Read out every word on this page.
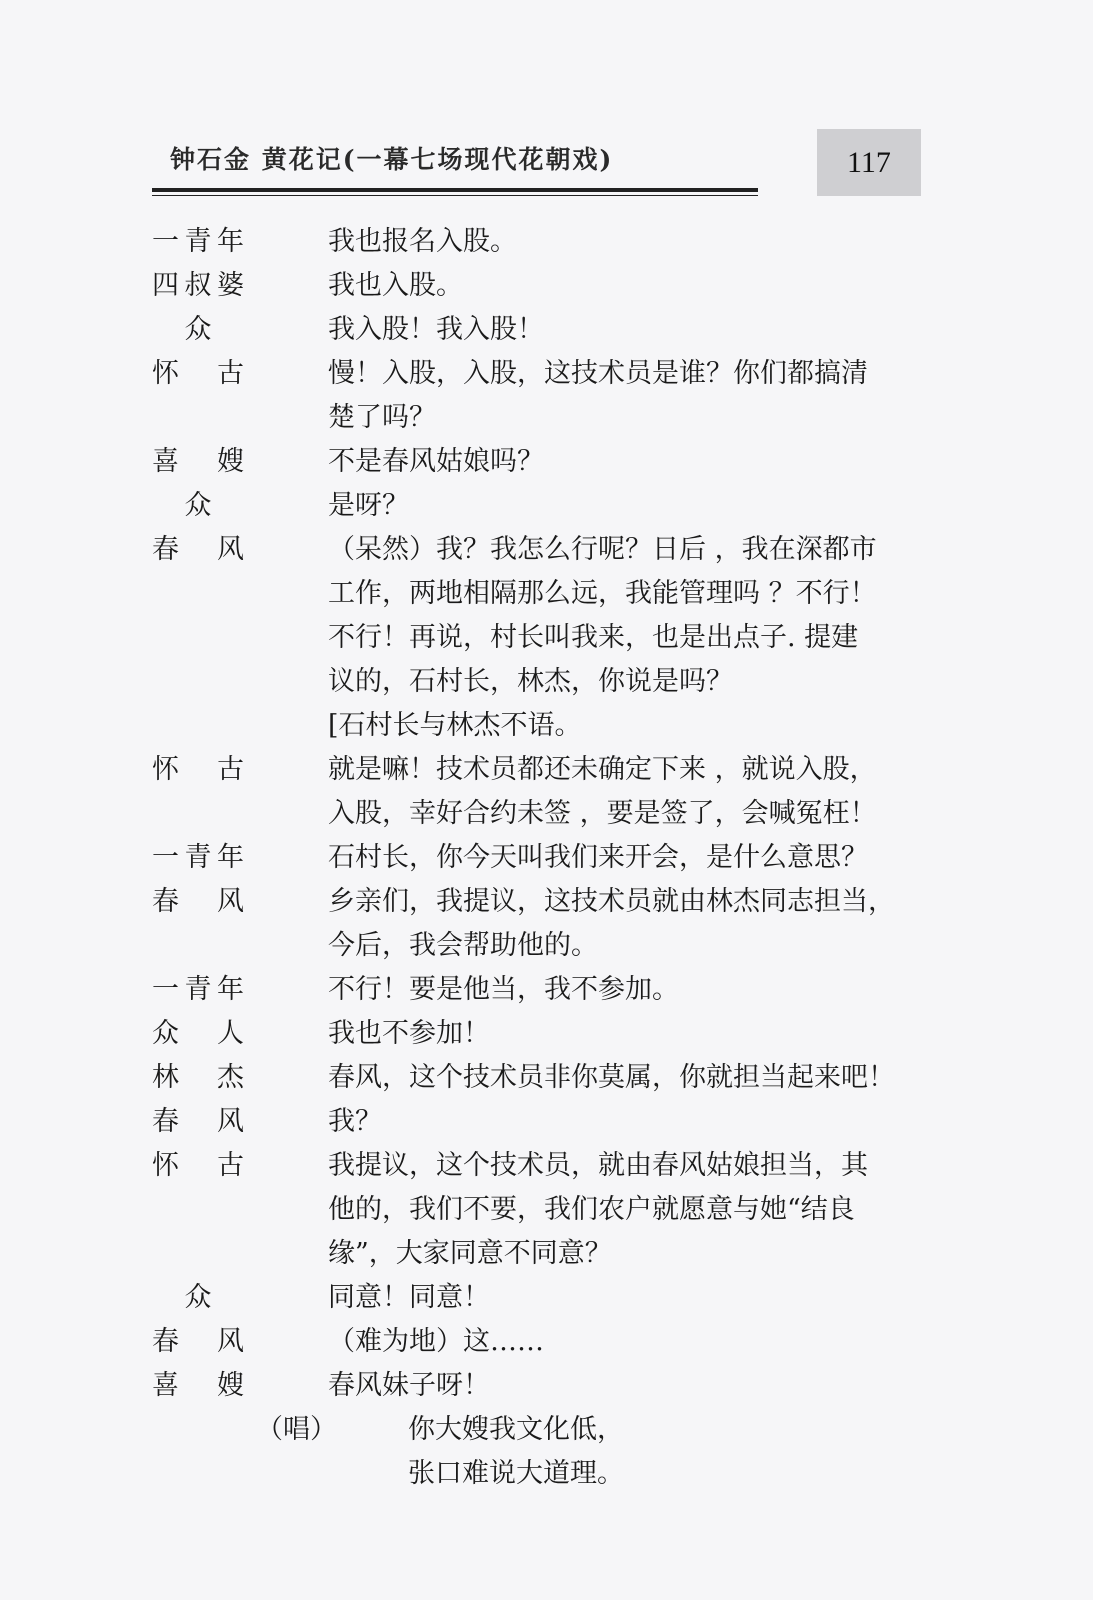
钟石金 黄花记(一幕七场现代花朝戏)	117
一青年	我也报名入股。
四叔婆	我也入股。
众	我入股！我入股！
怀古	慢！入股，入股，这技术员是谁？你们都搞清
楚了吗？
喜嫂	不是春风姑娘吗？
众	是呀？
春风	（呆然）我？我怎么行呢？日后 ，我在深都市
工作，两地相隔那么远，我能管理吗 ？不行！
不行！再说，村长叫我来，也是出点子. 提建
议的，石村长，林杰，你说是吗？
[石村长与林杰不语。
怀古	就是嘛！技术员都还未确定下来 ，就说入股，
入股，幸好合约未签 ，要是签了，会喊冤枉！
一青年	石村长，你今天叫我们来开会，是什么意思？
春风	乡亲们，我提议，这技术员就由林杰同志担当，
今后，我会帮助他的。
一青年	不行！要是他当，我不参加。
众人	我也不参加！
林杰	春风，这个技术员非你莫属，你就担当起来吧！
春风	我？
怀古	我提议，这个技术员，就由春风姑娘担当，其
他的，我们不要，我们农户就愿意与她“结良
缘”，大家同意不同意？
众	同意！同意！
春风	（难为地）这……
喜嫂	春风妹子呀！
（唱）	你大嫂我文化低，
张口难说大道理。
